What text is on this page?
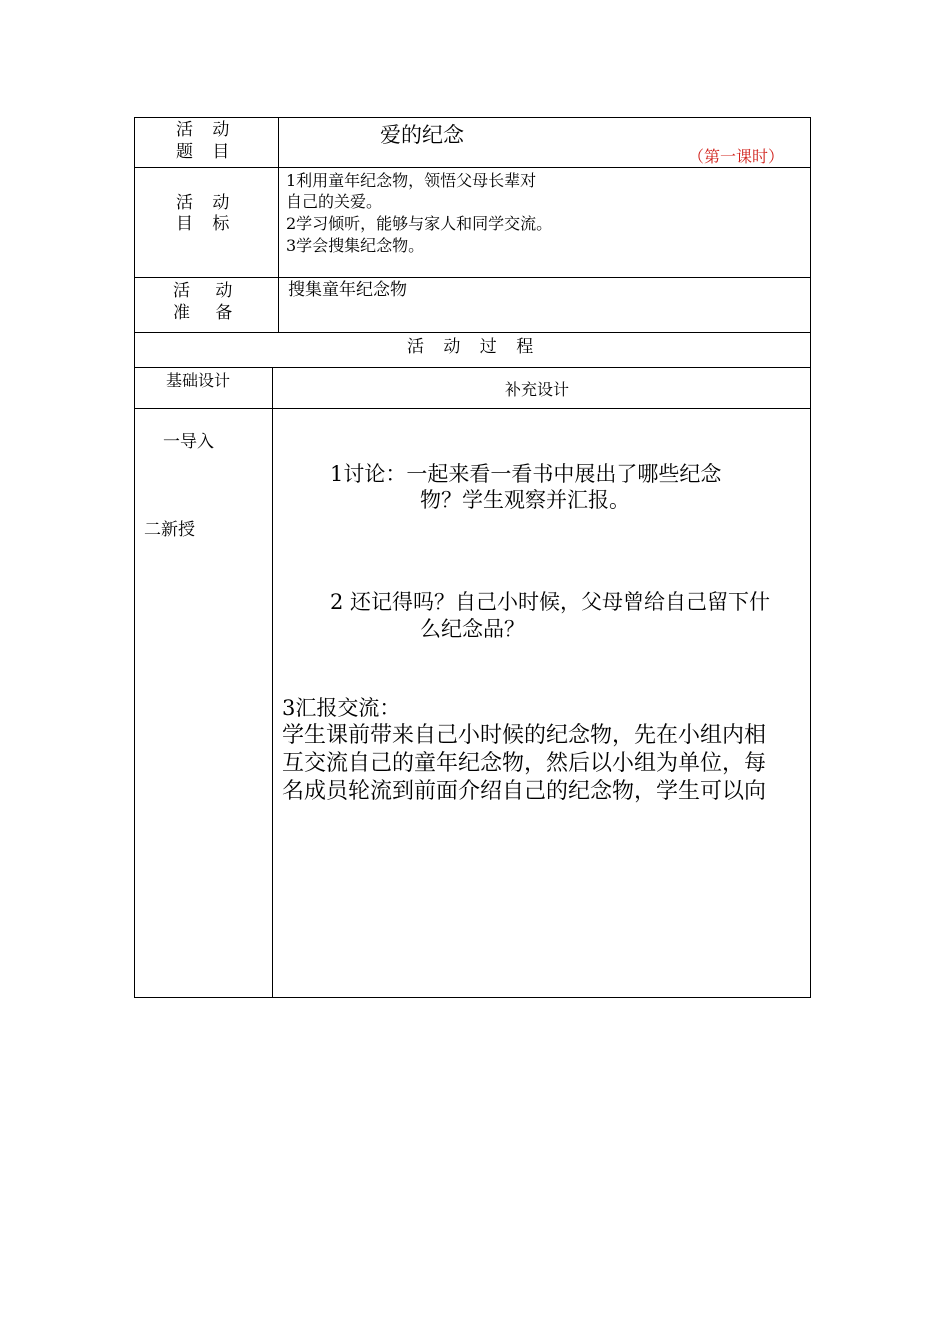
活 动
题 目
爱的纪念
（第一课时）
活 动
目 标
1利用童年纪念物，领悟父母长辈对
自己的关爱。
2学习倾听，能够与家人和同学交流。
3学会搜集纪念物。
活 动
准 备
搜集童年纪念物
活 动 过 程
基础设计	补充设计
一导入
二新授
1讨论：一起来看一看书中展出了哪些纪念
物？学生观察并汇报。
2 还记得吗？自己小时候，父母曾给自己留下什
么纪念品？
3汇报交流：
学生课前带来自己小时候的纪念物，先在小组内相
互交流自己的童年纪念物，然后以小组为单位，每
名成员轮流到前面介绍自己的纪念物，学生可以向
